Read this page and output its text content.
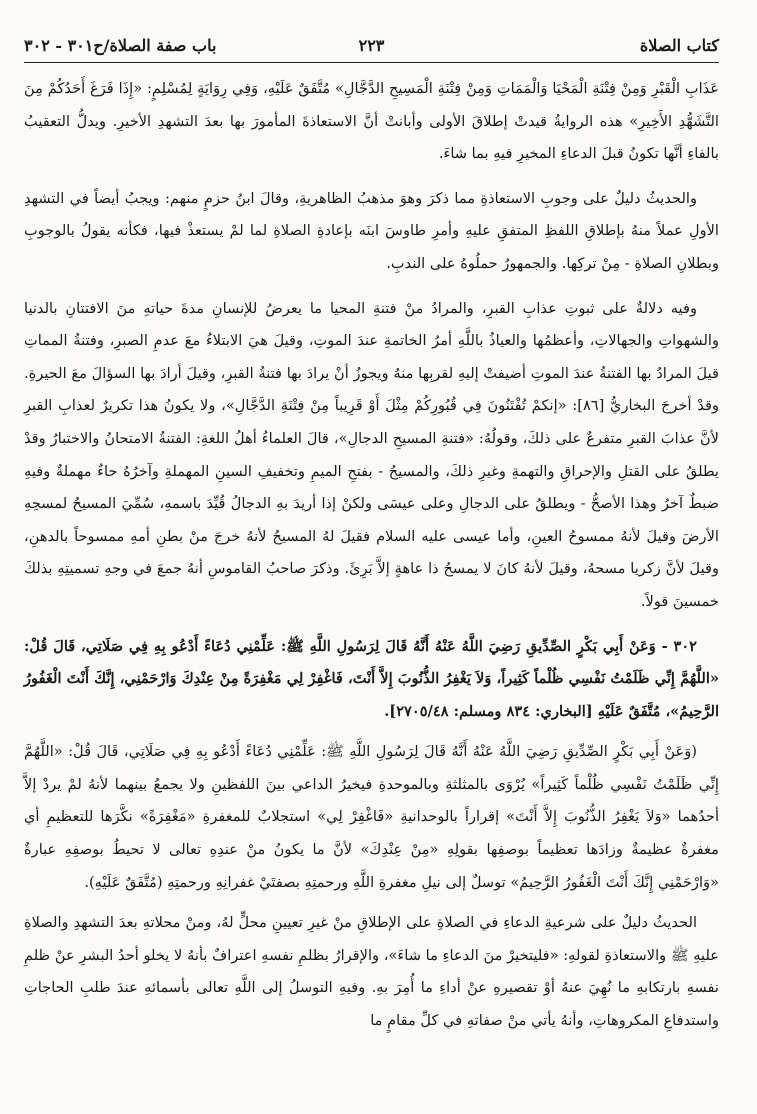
كتاب الصلاة
٢٢٣
باب صفة الصلاة/ح٣٠١ - ٣٠٢

عَذَابِ الْقَبْرِ وَمِنْ فِتْنَةِ الْمَحْيَا وَالْمَمَاتِ وَمِنْ فِتْنَةِ الْمَسِيحِ الدَّجَّالِ» مُتَّفَقٌ عَلَيْهِ، وَفِي رِوَايَةٍ لِمُسْلِمٍ: «إِذَا فَرَغَ أَحَدُكُمْ مِنَ التَّشَهُّدِ الأَخِيرِ» هذه الروايةُ قيدتْ إطلاقَ الأولى وأبانتْ أنَّ الاستعاذةَ المأمورَ بها بعدَ التشهدِ الأخيرِ. ويدلُّ التعقيبُ بالفاءِ أنَّها تكونُ قبلَ الدعاءِ المخيرِ فيهِ بما شاءَ.

والحديثُ دليلٌ على وجوبِ الاستعاذةِ مما ذكرَ وهوَ مذهبُ الظاهريةِ، وقالَ ابنُ حزمٍ منهم: ويجبُ أيضاً في التشهدِ الأولِ عملاً منهُ بإطلاقِ اللفظِ المتفقِ عليهِ وأمرِ طاوسَ ابنَه بإعادةِ الصلاةِ لما لمْ يستعذْ فيها، فكأنه يقولُ بالوجوبِ وبطلانِ الصلاةِ - مِنْ تركِها. والجمهورُ حملُوهُ على الندبِ.

وفيه دلالةٌ على ثبوتِ عذابِ القبرِ، والمرادُ منْ فتنةِ المحيا ما يعرضُ للإنسانِ مدةَ حياتهِ منَ الافتتانِ بالدنيا والشهواتِ والجهالاتِ، وأعظمُها والعياذُ باللَّهِ أمرُ الخاتمةِ عندَ الموتِ، وقيلَ هيَ الابتلاءُ معَ عدمِ الصبرِ، وفتنةُ المماتِ قيلَ المرادُ بها الفتنةُ عندَ الموتِ أضيفتْ إليهِ لقربِها منهُ ويجوزُ أنْ يرادَ بها فتنةُ القبرِ، وقيلَ أرادَ بها السؤالَ معَ الحيرةِ. وقدْ أخرجَ البخاريُّ [٨٦]: «إنكمْ تُفْتَنُونَ فِي قُبُورِكُمْ مِثْلَ أَوْ قَرِيباً مِنْ فِتْنَةِ الدَّجَّالِ»، ولا يكونُ هذا تكريرٌ لعذابِ القبرِ لأنَّ عذابَ القبرِ متفرعٌ على ذلكَ، وقولُهُ: «فتنةِ المسيحِ الدجالِ»، قالَ العلماءُ أهلُ اللغةِ: الفتنةُ الامتحانُ والاختبارُ وقدْ يطلقُ على القتلِ والإحراقِ والتهمةِ وغيرِ ذلكَ، والمسيحُ - بفتحِ الميمِ وتخفيفِ السينِ المهملةِ وآخرُهُ حاءٌ مهملةٌ وفيهِ ضبطٌ آخرُ وهذا الأصحُّ - ويطلقُ على الدجالِ وعلى عيسَى ولكنْ إذا أريدَ بهِ الدجالُ قُيِّدَ باسمهِ، سُمِّيَ المسيحُ لمسحِهِ الأرضَ وقيلَ لأنهُ ممسوحُ العينِ، وأما عيسى عليه السلام فقيلَ لهُ المسيحُ لأنهُ خرجَ منْ بطنِ أمهِ ممسوحاً بالدهنِ، وقيلَ لأنَّ زكريا مسحهُ، وقيلَ لأنهُ كانَ لا يمسحُ ذا عاهةٍ إلاَّ بَرِئَ. وذكرَ صاحبُ القاموسِ أنهُ جمعَ في وجهِ تسميتِهِ بذلكَ خمسينَ قولاً.

٣٠٢ - وَعَنْ أَبِي بَكْرٍ الصِّدِّيقِ رَضِيَ اللَّهُ عَنْهُ أَنَّهُ قَالَ لِرَسُولِ اللَّهِ ﷺ: عَلِّمْنِي دُعَاءً أَدْعُو بِهِ فِي صَلَاتِي، قَالَ قُلْ: «اللَّهُمَّ إِنِّي ظَلَمْتُ نَفْسِي ظُلْماً كَثِيراً، وَلاَ يَغْفِرُ الذُّنُوبَ إِلاَّ أَنْتَ، فَاغْفِرْ لِي مَغْفِرَةً مِنْ عِنْدِكَ وَارْحَمْنِي، إِنَّكَ أَنْتَ الْغَفُورُ الرَّحِيمُ»، مُتَّفَقٌ عَلَيْهِ [البخاري: ٨٣٤ ومسلم: ٢٧٠٥/٤٨].

(وَعَنْ أَبِي بَكْرٍ الصِّدِّيقِ رَضِيَ اللَّهُ عَنْهُ أَنَّهُ قَالَ لِرَسُولِ اللَّهِ ﷺ: عَلِّمْنِي دُعَاءً أَدْعُو بِهِ فِي صَلَاتِي، قَالَ قُلْ: «اللَّهُمَّ إِنِّي ظَلَمْتُ نَفْسِي ظُلْماً كَثِيراً» يُرْوَى بالمثلثةِ وبالموحدةِ فيخيرُ الداعي بينَ اللفظينِ ولا يجمعُ بينهما لأنهُ لمْ يردْ إلاَّ أحدُهما «وَلاَ يَغْفِرُ الذُّنُوبَ إِلاَّ أَنْتَ» إقراراً بالوحدانيةِ «فَاغْفِرْ لِي» استجلابٌ للمغفرةِ «مَغْفِرَةً» نكَّرَها للتعظيمِ أي مغفرةٌ عظيمةٌ وزادَها تعظيماً بوصفِها بقولِهِ «مِنْ عِنْدِكَ» لأنَّ ما يكونُ منْ عندِهِ تعالى لا تحيطُ بوصفِهِ عبارةٌ «وَارْحَمْنِي إِنَّكَ أَنْتَ الْغَفُورُ الرَّحِيمُ» توسلٌ إلى نيلِ مغفرةِ اللَّهِ ورحمتِهِ بصفتَيْ غفرانِهِ ورحمتِهِ (مُتَّفَقٌ عَلَيْهِ).

الحديثُ دليلٌ على شرعيةِ الدعاءِ في الصلاةِ على الإطلاقِ منْ غيرِ تعيينِ محلٍّ لهُ، ومنْ محلاتهِ بعدَ التشهدِ والصلاةِ عليهِ ﷺ والاستعاذةِ لقولهِ: «فليتخيرْ منَ الدعاءِ ما شاءَ»، والإقرارُ بظلمِ نفسهِ اعترافٌ بأنهُ لا يخلو أحدُ البشرِ عنْ ظلمِ نفسهِ بارتكابهِ ما نُهِيَ عنهُ أوْ تقصيرهِ عنْ أداءِ ما أُمِرَ بهِ. وفيهِ التوسلُ إلى اللَّهِ تعالى بأسمائهِ عندَ طلبِ الحاجاتِ واستدفاعِ المكروهاتِ، وأنهُ يأتي منْ صفاتهِ في كلِّ مقامٍ ما
